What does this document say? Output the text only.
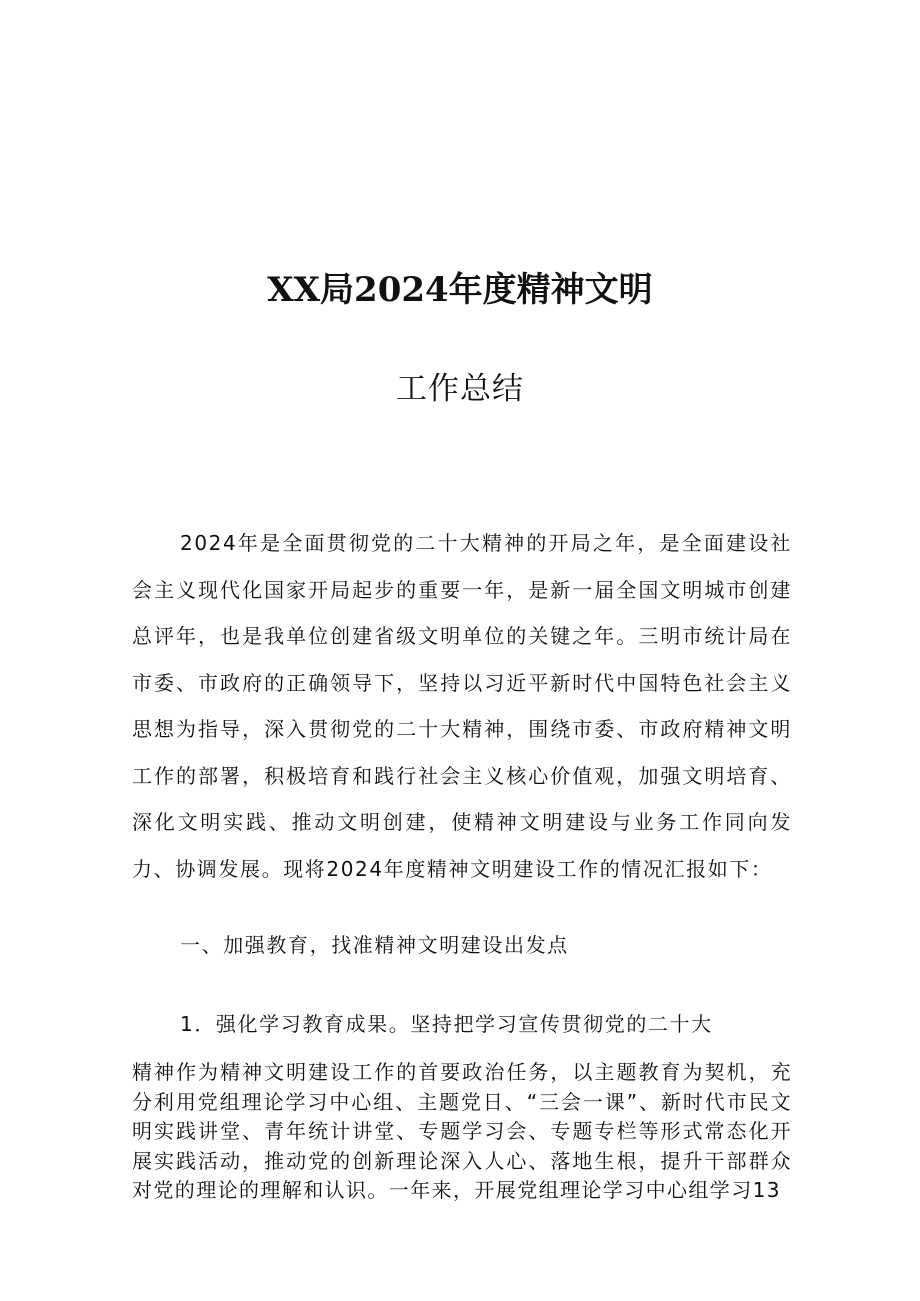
XX局2024年度精神文明
工作总结

2024年是全面贯彻党的二十大精神的开局之年，是全面建设社会主义现代化国家开局起步的重要一年，是新一届全国文明城市创建总评年，也是我单位创建省级文明单位的关键之年。三明市统计局在市委、市政府的正确领导下，坚持以习近平新时代中国特色社会主义思想为指导，深入贯彻党的二十大精神，围绕市委、市政府精神文明工作的部署，积极培育和践行社会主义核心价值观，加强文明培育、深化文明实践、推动文明创建，使精神文明建设与业务工作同向发力、协调发展。现将2024年度精神文明建设工作的情况汇报如下：

一、加强教育，找准精神文明建设出发点

1．强化学习教育成果。坚持把学习宣传贯彻党的二十大

精神作为精神文明建设工作的首要政治任务，以主题教育为契机，充分利用党组理论学习中心组、主题党日、“三会一课”、新时代市民文明实践讲堂、青年统计讲堂、专题学习会、专题专栏等形式常态化开展实践活动，推动党的创新理论深入人心、落地生根，提升干部群众对党的理论的理解和认识。一年来，开展党组理论学习中心组学习13
